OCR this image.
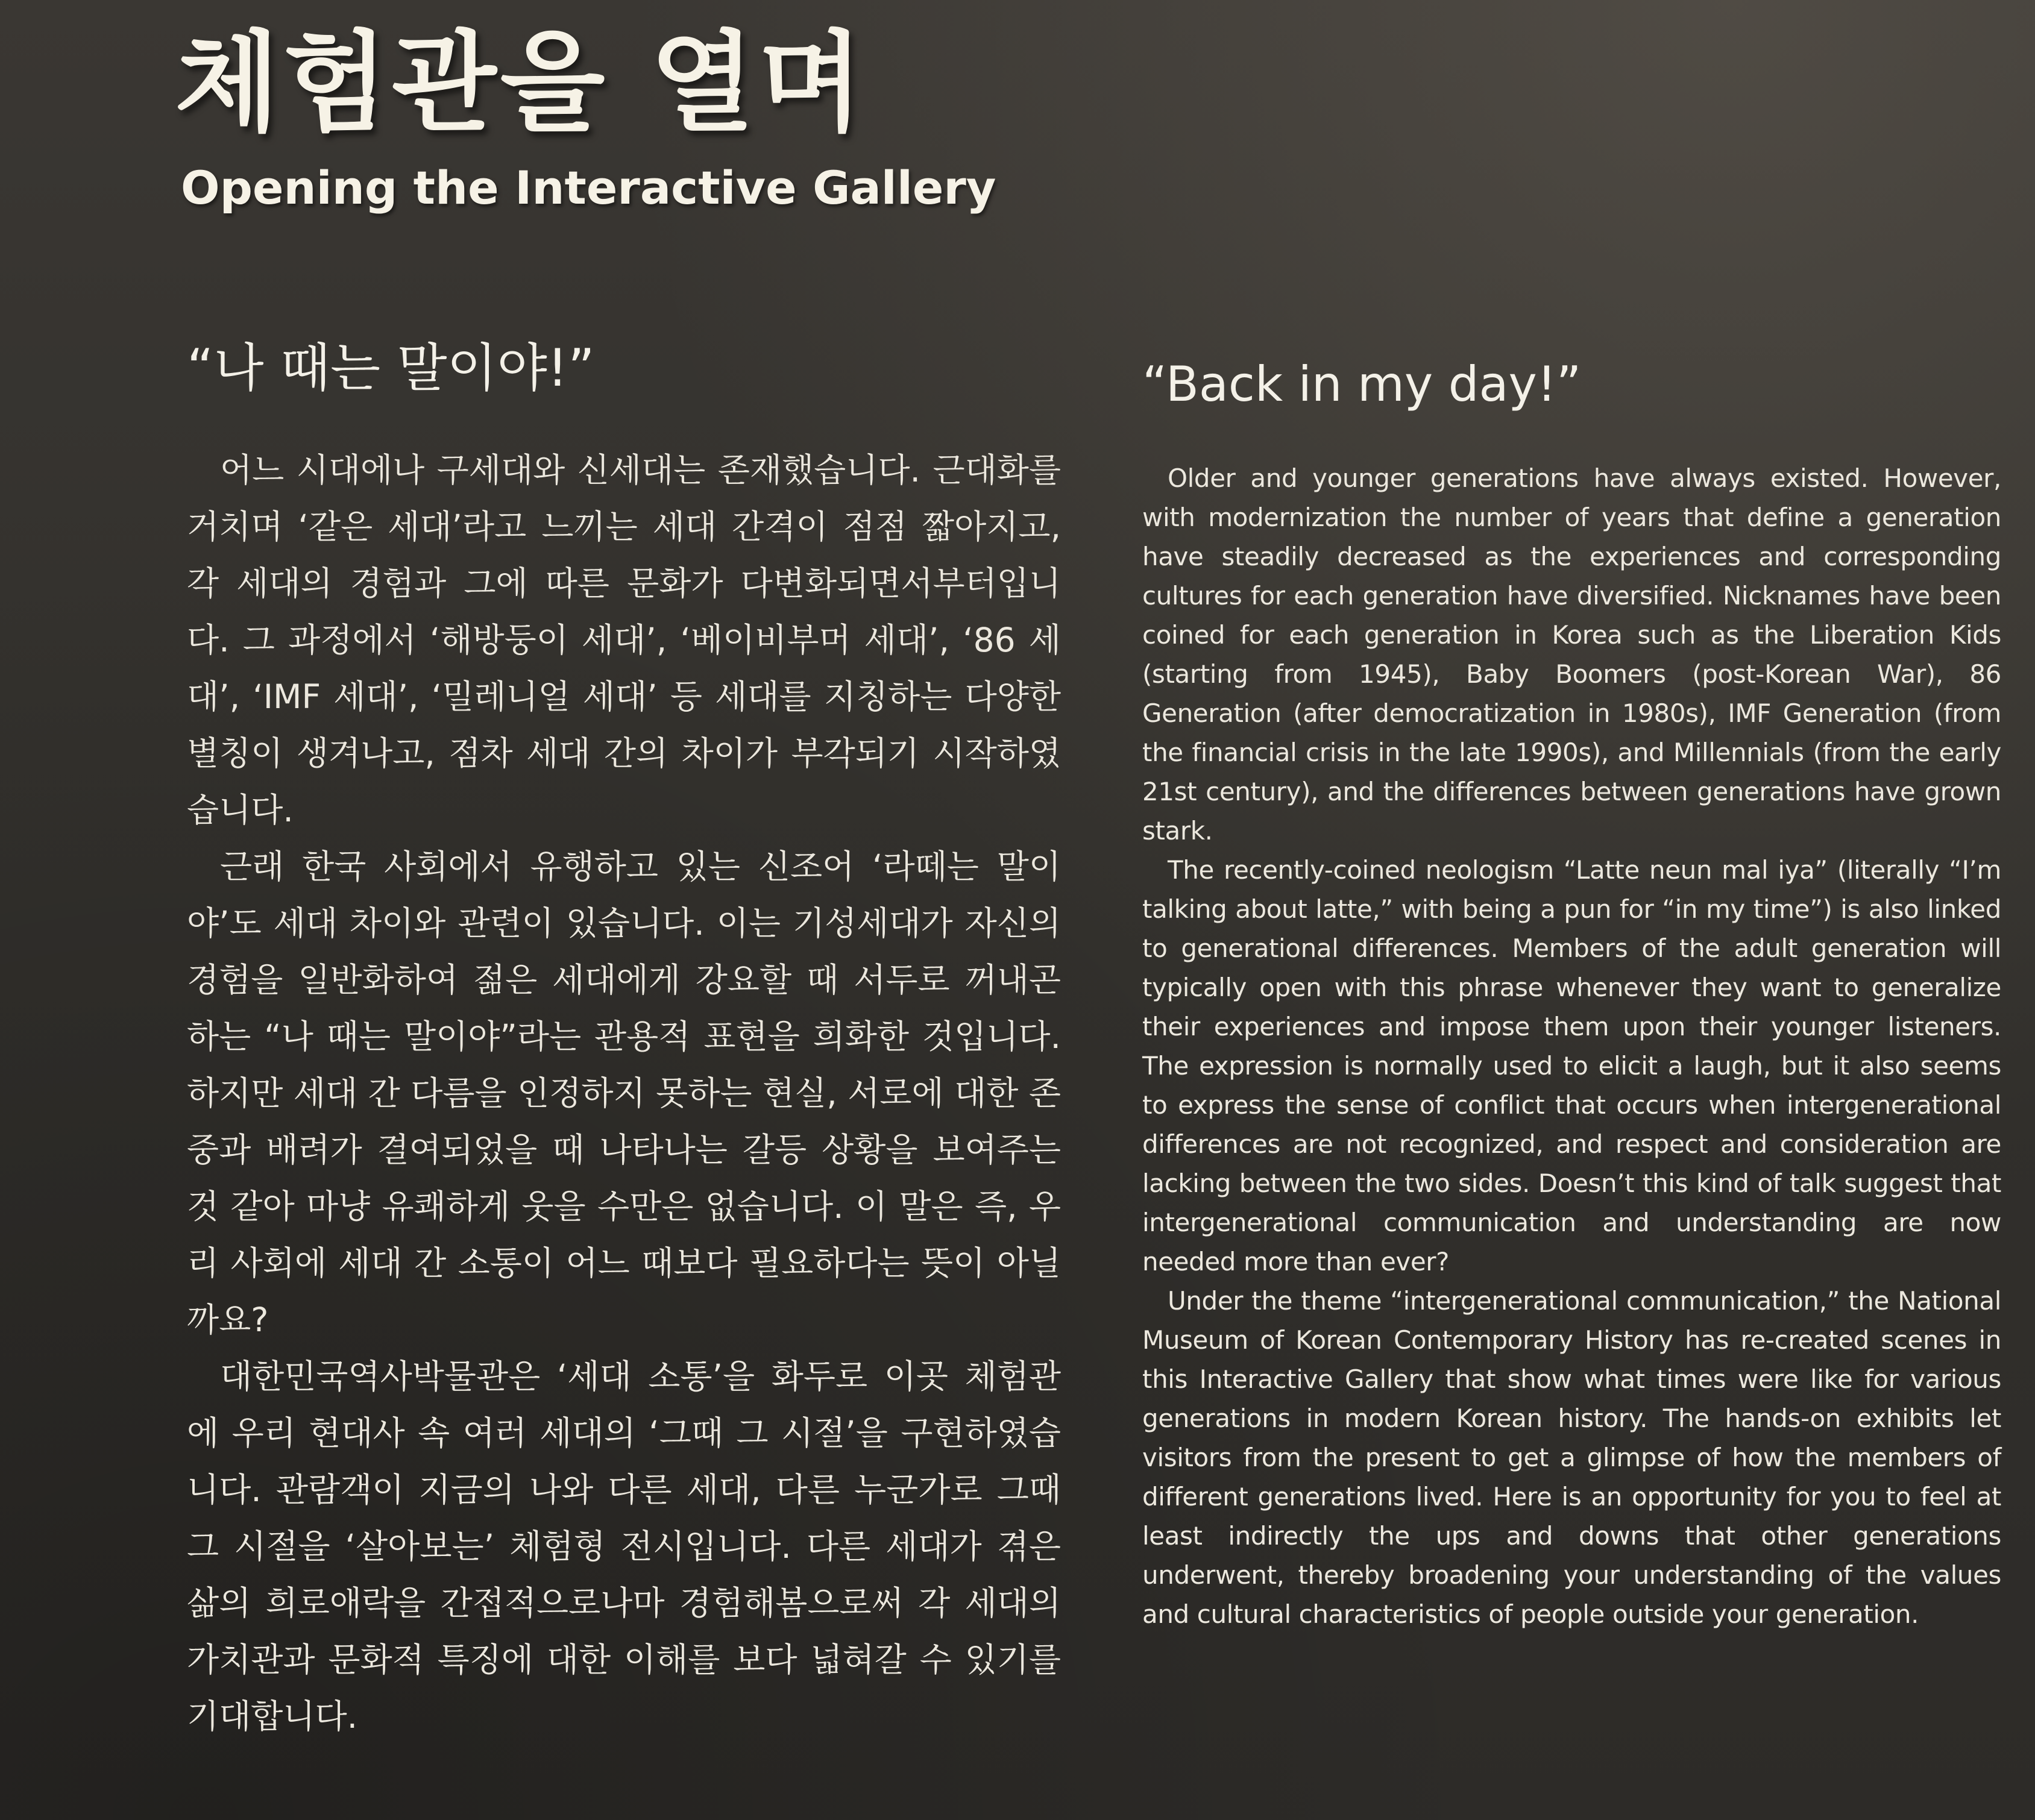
체험관을 열며
Opening the Interactive Gallery
“나 때는 말이야!”

어느 시대에나 구세대와 신세대는 존재했습니다. 근대화를 거치며 ‘같은 세대’라고 느끼는 세대 간격이 점점 짧아지고, 각 세대의 경험과 그에 따른 문화가 다변화되면서부터입니다. 그 과정에서 ‘해방둥이 세대’, ‘베이비부머 세대’, ‘86 세대’, ‘IMF 세대’, ‘밀레니얼 세대’ 등 세대를 지칭하는 다양한 별칭이 생겨나고, 점차 세대 간의 차이가 부각되기 시작하였습니다.

근래 한국 사회에서 유행하고 있는 신조어 ‘라떼는 말이야’도 세대 차이와 관련이 있습니다. 이는 기성세대가 자신의 경험을 일반화하여 젊은 세대에게 강요할 때 서두로 꺼내곤 하는 “나 때는 말이야”라는 관용적 표현을 희화한 것입니다. 하지만 세대 간 다름을 인정하지 못하는 현실, 서로에 대한 존중과 배려가 결여되었을 때 나타나는 갈등 상황을 보여주는 것 같아 마냥 유쾌하게 웃을 수만은 없습니다. 이 말은 즉, 우리 사회에 세대 간 소통이 어느 때보다 필요하다는 뜻이 아닐까요?

대한민국역사박물관은 ‘세대 소통’을 화두로 이곳 체험관에 우리 현대사 속 여러 세대의 ‘그때 그 시절’을 구현하였습니다. 관람객이 지금의 나와 다른 세대, 다른 누군가로 그때 그 시절을 ‘살아보는’ 체험형 전시입니다. 다른 세대가 겪은 삶의 희로애락을 간접적으로나마 경험해봄으로써 각 세대의 가치관과 문화적 특징에 대한 이해를 보다 넓혀갈 수 있기를 기대합니다.

“Back in my day!”

Older and younger generations have always existed. However, with modernization the number of years that define a generation have steadily decreased as the experiences and corresponding cultures for each generation have diversified. Nicknames have been coined for each generation in Korea such as the Liberation Kids (starting from 1945), Baby Boomers (post-Korean War), 86 Generation (after democratization in 1980s), IMF Generation (from the financial crisis in the late 1990s), and Millennials (from the early 21st century), and the differences between generations have grown stark.

The recently-coined neologism “Latte neun mal iya” (literally “I’m talking about latte,” with being a pun for “in my time”) is also linked to generational differences. Members of the adult generation will typically open with this phrase whenever they want to generalize their experiences and impose them upon their younger listeners. The expression is normally used to elicit a laugh, but it also seems to express the sense of conflict that occurs when intergenerational differences are not recognized, and respect and consideration are lacking between the two sides. Doesn’t this kind of talk suggest that intergenerational communication and understanding are now needed more than ever?

Under the theme “intergenerational communication,” the National Museum of Korean Contemporary History has re-created scenes in this Interactive Gallery that show what times were like for various generations in modern Korean history. The hands-on exhibits let visitors from the present to get a glimpse of how the members of different generations lived. Here is an opportunity for you to feel at least indirectly the ups and downs that other generations underwent, thereby broadening your understanding of the values and cultural characteristics of people outside your generation.
